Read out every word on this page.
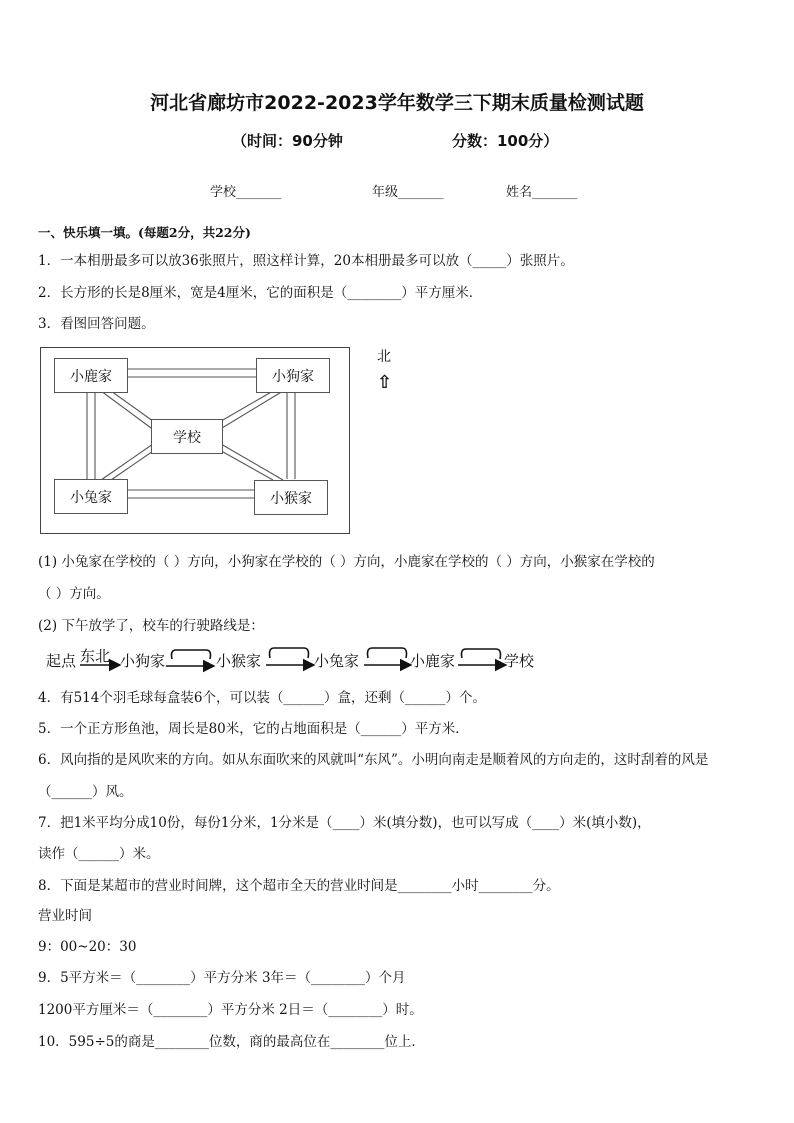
河北省廊坊市2022-2023学年数学三下期末质量检测试题
（时间：90分钟	分数：100分）
学校_______	年级_______	姓名_______
一、快乐填一填。(每题2分，共22分)
1．一本相册最多可以放36张照片，照这样计算，20本相册最多可以放（_____）张照片。
2．长方形的长是8厘米，宽是4厘米，它的面积是（________）平方厘米．
3．看图回答问题。
小鹿家	小狗家
学校
小兔家	小猴家
北
⇧
(1) 小兔家在学校的（ ）方向，小狗家在学校的（ ）方向，小鹿家在学校的（ ）方向，小猴家在学校的
（ ）方向。
(2) 下午放学了，校车的行驶路线是：
起点 东北 小狗家	小猴家	小兔家	小鹿家	学校
4．有514个羽毛球每盒装6个，可以装（______）盒，还剩（______）个。
5．一个正方形鱼池，周长是80米，它的占地面积是（______）平方米．
6．风向指的是风吹来的方向。如从东面吹来的风就叫“东风”。小明向南走是顺着风的方向走的，这时刮着的风是
（______）风。
7．把1米平均分成10份，每份1分米，1分米是（____）米(填分数)，也可以写成（____）米(填小数)，
读作（______）米。
8．下面是某超市的营业时间牌，这个超市全天的营业时间是________小时________分。
营业时间
9：00~20：30
9．5平方米＝（________）平方分米 3年＝（________）个月
1200平方厘米＝（________）平方分米 2日＝（________）时。
10．595÷5的商是________位数，商的最高位在________位上．
